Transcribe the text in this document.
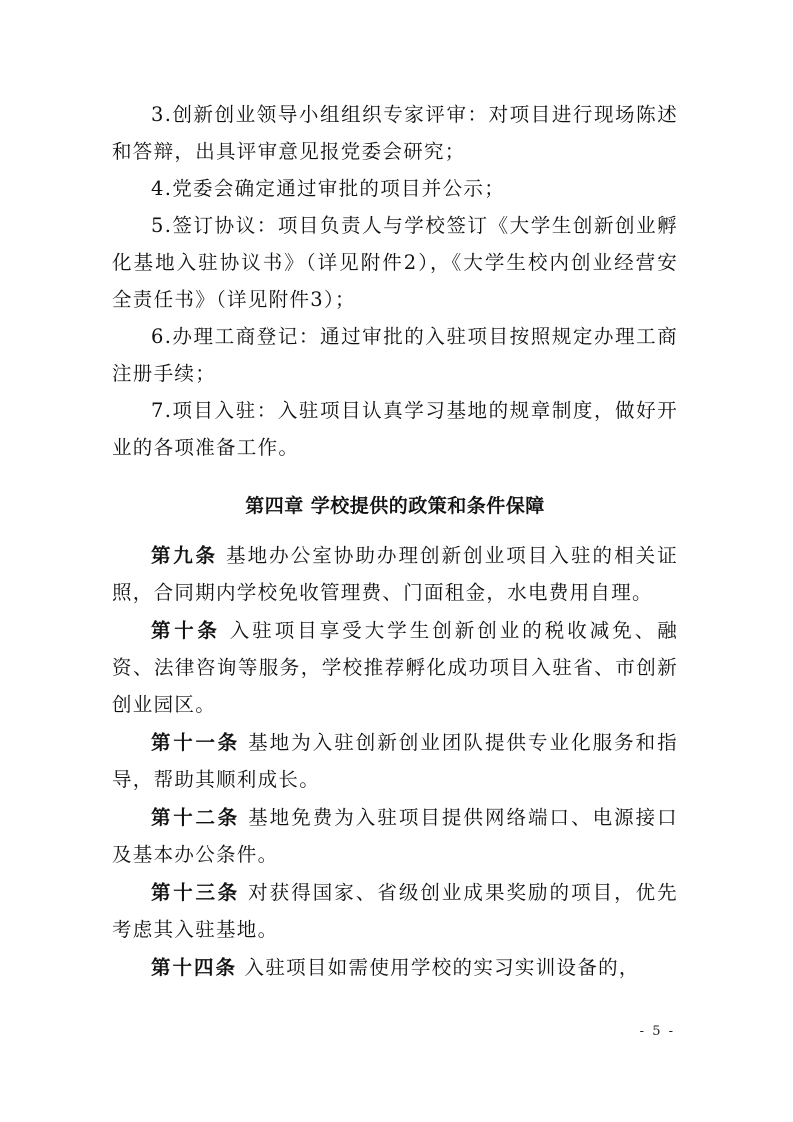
3.创新创业领导小组组织专家评审：对项目进行现场陈述和答辩，出具评审意见报党委会研究；

4.党委会确定通过审批的项目并公示；

5.签订协议：项目负责人与学校签订《大学生创新创业孵化基地入驻协议书》（详见附件2），《大学生校内创业经营安全责任书》（详见附件3）；

6.办理工商登记：通过审批的入驻项目按照规定办理工商注册手续；

7.项目入驻：入驻项目认真学习基地的规章制度，做好开业的各项准备工作。

第四章 学校提供的政策和条件保障

第九条 基地办公室协助办理创新创业项目入驻的相关证照，合同期内学校免收管理费、门面租金，水电费用自理。

第十条 入驻项目享受大学生创新创业的税收减免、融资、法律咨询等服务，学校推荐孵化成功项目入驻省、市创新创业园区。

第十一条 基地为入驻创新创业团队提供专业化服务和指导，帮助其顺利成长。

第十二条 基地免费为入驻项目提供网络端口、电源接口及基本办公条件。

第十三条 对获得国家、省级创业成果奖励的项目，优先考虑其入驻基地。

第十四条 入驻项目如需使用学校的实习实训设备的，

- 5 -
